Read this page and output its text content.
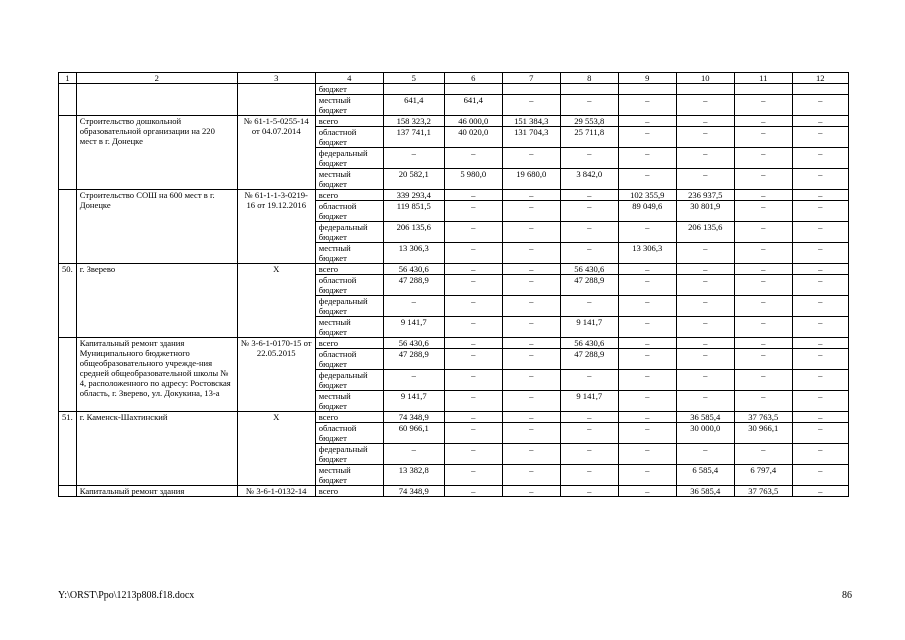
1	2	3	4	5	6	7	8	9	10	11	12
			бюджет								
			местный бюджет	641,4	641,4	–	–	–	–	–	–
	Строительство дошкольной образовательной организации на 220 мест в г. Донецке	№ 61-1-5-0255-14 от 04.07.2014	всего	158 323,2	46 000,0	151 384,3	29 553,8	–	–	–	–
			областной бюджет	137 741,1	40 020,0	131 704,3	25 711,8	–	–	–	–
			федеральный бюджет	–	–	–	–	–	–	–	–
			местный бюджет	20 582,1	5 980,0	19 680,0	3 842,0	–	–	–	–
	Строительство СОШ на 600 мест в г. Донецке	№ 61-1-1-3-0219-16 от 19.12.2016	всего	339 293,4	–	–	–	102 355,9	236 937,5	–	–
			областной бюджет	119 851,5	–	–	–	89 049,6	30 801,9	–	–
			федеральный бюджет	206 135,6	–	–	–	–	206 135,6	–	–
			местный бюджет	13 306,3	–	–	–	13 306,3	–	–	–
50.	г. Зверево	Х	всего	56 430,6	–	–	56 430,6	–	–	–	–
			областной бюджет	47 288,9	–	–	47 288,9	–	–	–	–
			федеральный бюджет	–	–	–	–	–	–	–	–
			местный бюджет	9 141,7	–	–	9 141,7	–	–	–	–
	Капитальный ремонт здания Муниципального бюджетного общеобразовательного учрежде-ния средней общеобразовательной школы № 4, расположенного по адресу: Ростовская область, г. Зверево, ул. Докукина, 13-а	№ 3-6-1-0170-15 от 22.05.2015	всего	56 430,6	–	–	56 430,6	–	–	–	–
			областной бюджет	47 288,9	–	–	47 288,9	–	–	–	–
			федеральный бюджет	–	–	–	–	–	–	–	–
			местный бюджет	9 141,7	–	–	9 141,7	–	–	–	–
51.	г. Каменск-Шахтинский	Х	всего	74 348,9	–	–	–	–	36 585,4	37 763,5	–
			областной бюджет	60 966,1	–	–	–	–	30 000,0	30 966,1	–
			федеральный бюджет	–	–	–	–	–	–	–	–
			местный бюджет	13 382,8	–	–	–	–	6 585,4	6 797,4	–
	Капитальный ремонт здания	№ 3-6-1-0132-14	всего	74 348,9	–	–	–	–	36 585,4	37 763,5	–
Y:\ORST\Ppo\1213p808.f18.docx	86
